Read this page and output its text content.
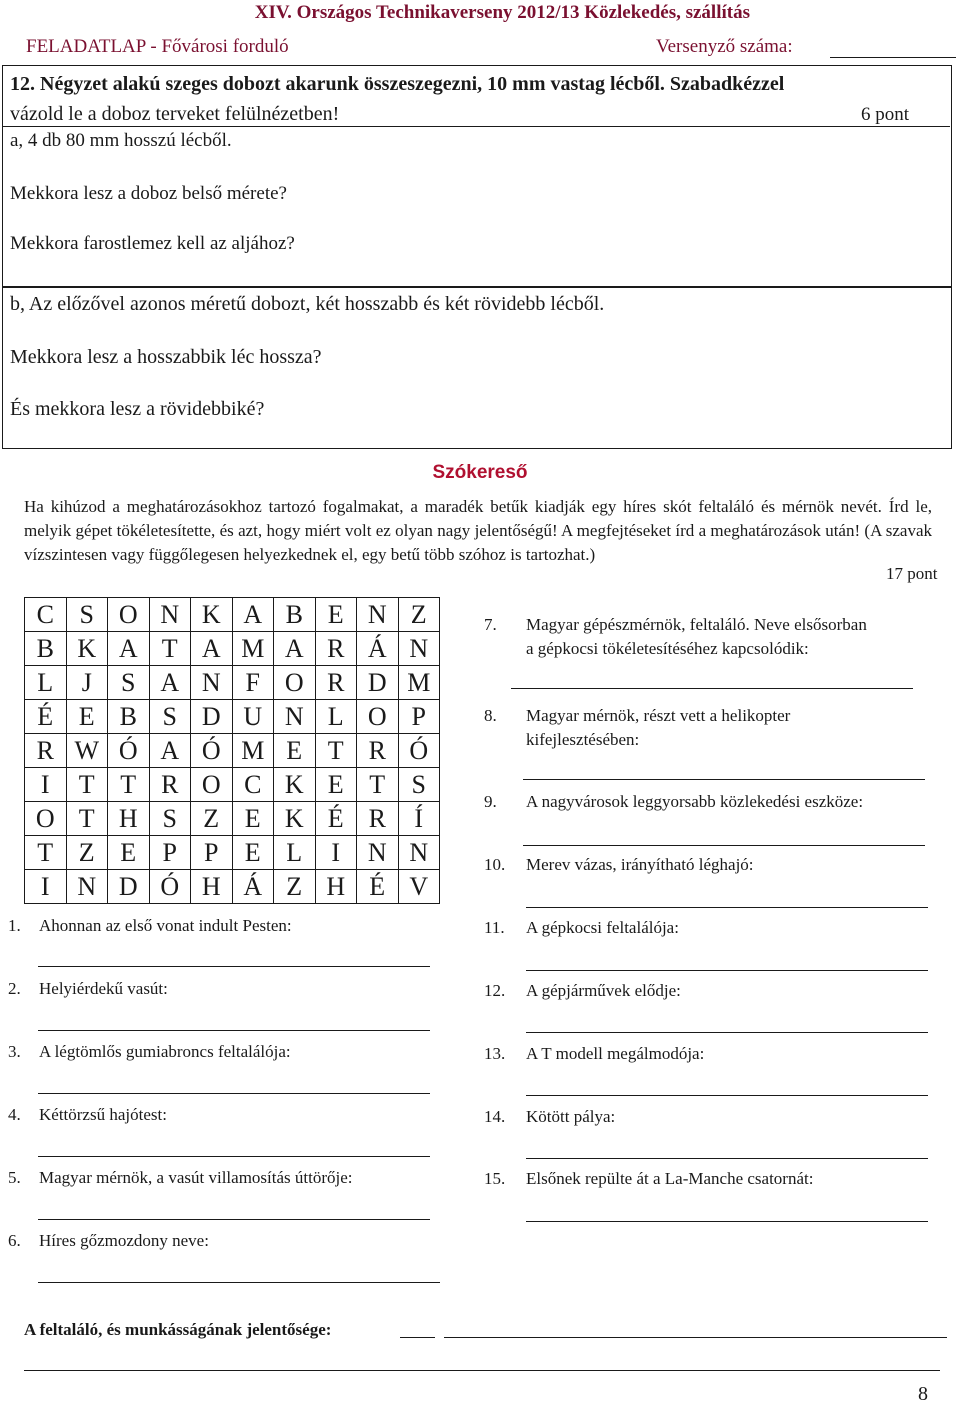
XIV. Országos Technikaverseny 2012/13 Közlekedés, szállítás
FELADATLAP - Fővárosi forduló	Versenyző száma:
12. Négyzet alakú szeges dobozt akarunk összeszegezni, 10 mm vastag lécből. Szabadkézzel
vázold le a doboz terveket felülnézetben!	6 pont
a, 4 db 80 mm hosszú lécből.
Mekkora lesz a doboz belső mérete?
Mekkora farostlemez kell az aljához?
b, Az előzővel azonos méretű dobozt, két hosszabb és két rövidebb lécből.
Mekkora lesz a hosszabbik léc hossza?
És mekkora lesz a rövidebbiké?
Szókereső
Ha kihúzod a meghatározásokhoz tartozó fogalmakat, a maradék betűk kiadják egy híres skót feltaláló és mérnök nevét. Írd le, melyik gépet tökéletesítette, és azt, hogy miért volt ez olyan nagy jelentőségű! A megfejtéseket írd a meghatározások után! (A szavak vízszintesen vagy függőlegesen helyezkednek el, egy betű több szóhoz is tartozhat.)
17 pont
C	S	O	N	K	A	B	E	N	Z
B	K	A	T	A	M	A	R	Á	N
L	J	S	A	N	F	O	R	D	M
É	E	B	S	D	U	N	L	O	P
R	W	Ó	A	Ó	M	E	T	R	Ó
I	T	T	R	O	C	K	E	T	S
O	T	H	S	Z	E	K	É	R	Í
T	Z	E	P	P	E	L	I	N	N
I	N	D	Ó	H	Á	Z	H	É	V
1. Ahonnan az első vonat indult Pesten:
2. Helyiérdekű vasút:
3. A légtömlős gumiabroncs feltalálója:
4. Kéttörzsű hajótest:
5. Magyar mérnök, a vasút villamosítás úttörője:
6. Híres gőzmozdony neve:
7. Magyar gépészmérnök, feltaláló. Neve elsősorban
a gépkocsi tökéletesítéséhez kapcsolódik:
8. Magyar mérnök, részt vett a helikopter
kifejlesztésében:
9. A nagyvárosok leggyorsabb közlekedési eszköze:
10. Merev vázas, irányítható léghajó:
11. A gépkocsi feltalálója:
12. A gépjárművek elődje:
13. A T modell megálmodója:
14. Kötött pálya:
15. Elsőnek repülte át a La-Manche csatornát:
A feltaláló, és munkásságának jelentősége:
8
